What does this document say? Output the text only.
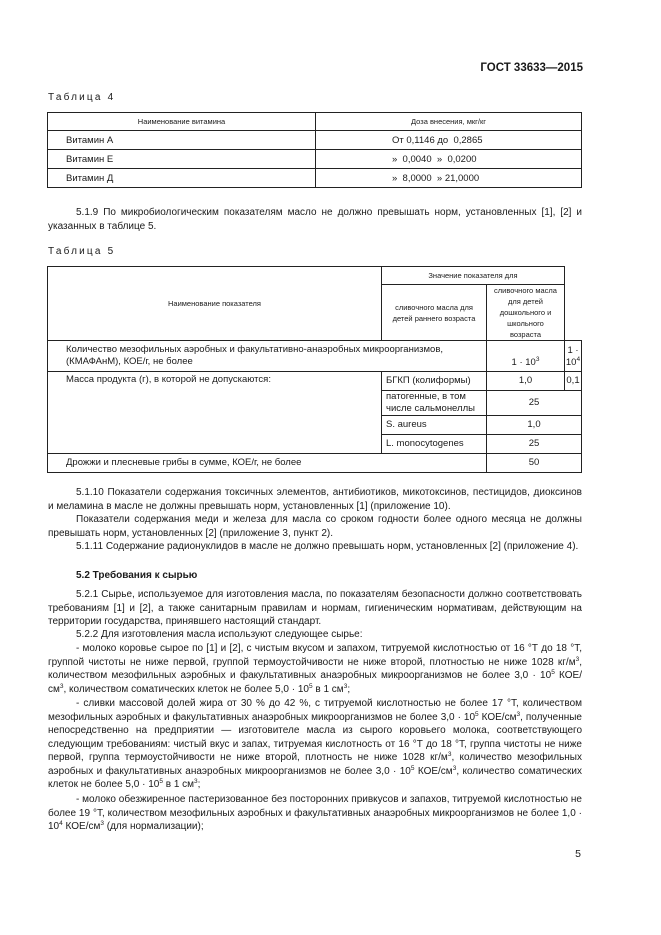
ГОСТ 33633—2015
Таблица 4
Наименование витамина	Доза внесения, мкг/кг
Витамин А	От 0,1146 до  0,2865
Витамин Е	»  0,0040  »  0,0200
Витамин Д	»  8,0000  » 21,0000

5.1.9 По микробиологическим показателям масло не должно превышать норм, установленных [1], [2] и указанных в таблице 5.

Таблица 5
Наименование показателя	Значение показателя для		
	сливочного масла для детей раннего возраста	сливочного масла для детей дошкольного и школьного возраста	
Количество мезофильных аэробных и факультативно-анаэробных микроорганизмов, (КМАФАнМ), КОЕ/г, не более		$1 \cdot 10^3$	$1 \cdot 10^4$
Масса продукта (г), в которой не допускаются:	БГКП (колиформы)	1,0	0,1
	патогенные, в том числе сальмонеллы	25	
	S. aureus	1,0	
	L. monocytogenes	25	
Дрожжи и плесневые грибы в сумме, КОЕ/г, не более		50	

5.1.10 Показатели содержания токсичных элементов, антибиотиков, микотоксинов, пестицидов, диоксинов и меламина в масле не должны превышать норм, установленных [1] (приложение 10).

Показатели содержания меди и железа для масла со сроком годности более одного месяца не должны превышать норм, установленных [2] (приложение 3, пункт 2).

5.1.11 Содержание радионуклидов в масле не должно превышать норм, установленных [2] (приложение 4).

5.2 Требования к сырью

5.2.1 Сырье, используемое для изготовления масла, по показателям безопасности должно соответствовать требованиям [1] и [2], а также санитарным правилам и нормам, гигиеническим нормативам, действующим на территории государства, принявшего настоящий стандарт.

5.2.2 Для изготовления масла используют следующее сырье:

- молоко коровье сырое по [1] и [2], с чистым вкусом и запахом, титруемой кислотностью от 16 °Т до 18 °Т, группой чистоты не ниже первой, группой термоустойчивости не ниже второй, плотностью не ниже 1028 $кг/м^3$, количеством мезофильных аэробных и факультативных анаэробных микроорганизмов не более $3,0 \cdot 10^5$ КОЕ/$см^3$, количеством соматических клеток не более $5,0 \cdot 10^5$ в 1 $см^3$;

- сливки массовой долей жира от 30 % до 42 %, с титруемой кислотностью не более 17 °Т, количеством мезофильных аэробных и факультативных анаэробных микроорганизмов не более $3,0 \cdot 10^5$ КОЕ/$см^3$, полученные непосредственно на предприятии — изготовителе масла из сырого коровьего молока, соответствующего следующим требованиям: чистый вкус и запах, титруемая кислотность от 16 °Т до 18 °Т, группа чистоты не ниже первой, группа термоустойчивости не ниже второй, плотность не ниже 1028 $кг/м^3$, количество мезофильных аэробных и факультативных анаэробных микроорганизмов не более $3,0 \cdot 10^5$ КОЕ/$см^3$, количество соматических клеток не более $5,0 \cdot 10^5$ в 1 $см^3$;

- молоко обезжиренное пастеризованное без посторонних привкусов и запахов, титруемой кислотностью не более 19 °Т, количеством мезофильных аэробных и факультативных анаэробных микроорганизмов не более $1,0 \cdot 10^4$ КОЕ/$см^3$ (для нормализации);

5
